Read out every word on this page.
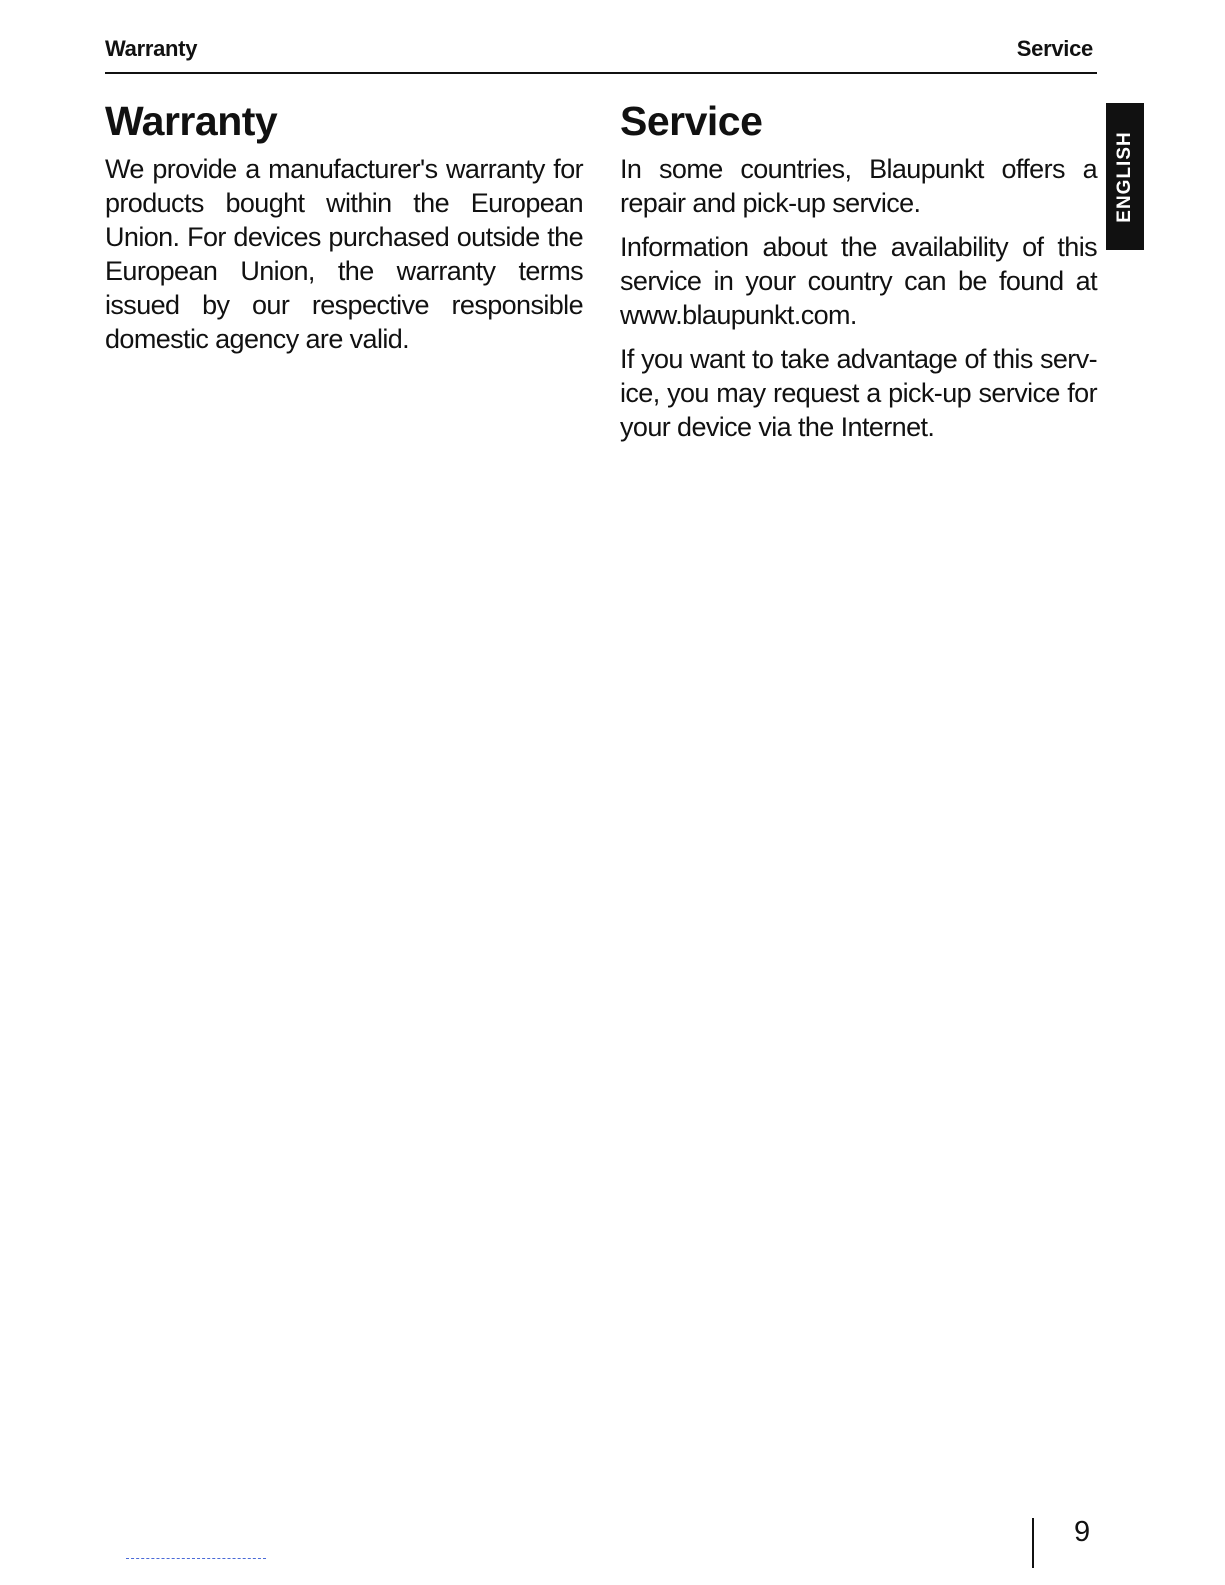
Warranty	Service
Warranty

We provide a manufacturer's warranty for products bought within the European Union. For devices purchased outside the European Union, the warranty terms issued by our respective responsible domestic agency are valid.

Service

In some countries, Blaupunkt offers a repair and pick-up service.

Information about the availability of this service in your country can be found at www.blaupunkt.com.

If you want to take advantage of this serv-ice, you may request a pick-up service for your device via the Internet.

ENGLISH
9
